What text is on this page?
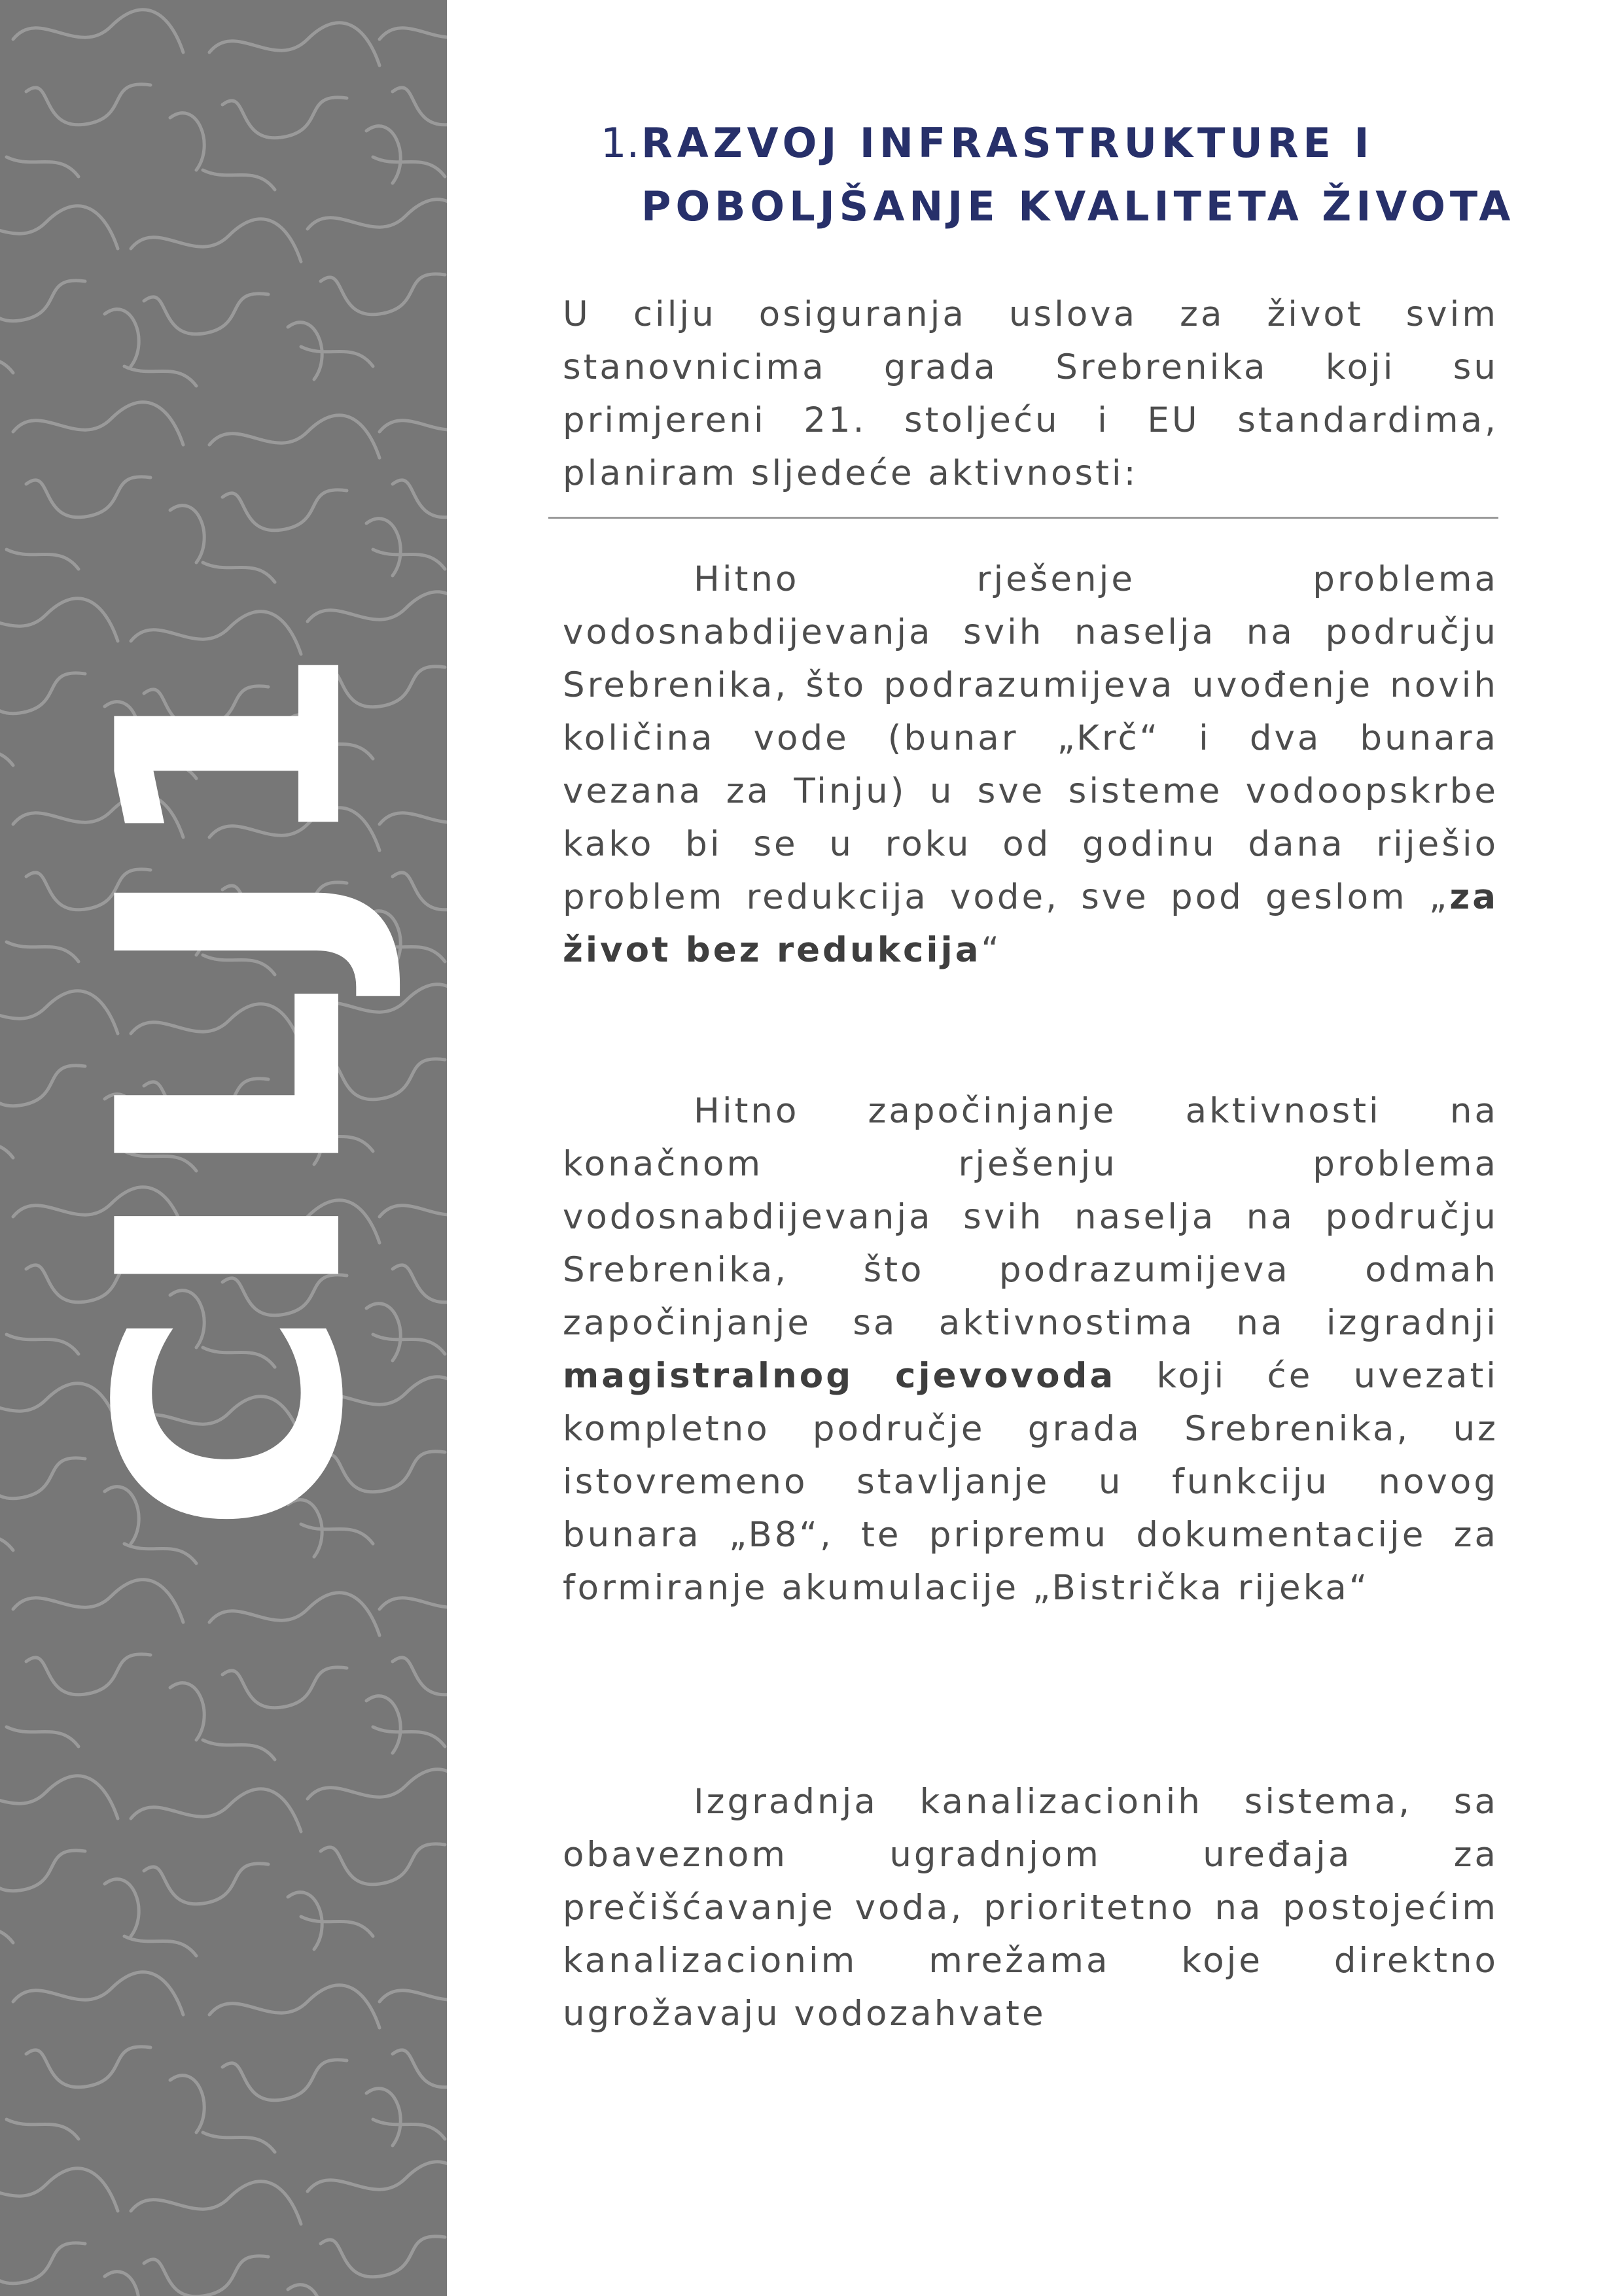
CILJ1
1. RAZVOJ INFRASTRUKTURE I
POBOLJŠANJE KVALITETA ŽIVOTA

U cilju osiguranja uslova za život svim stanovnicima grada Srebrenika koji su primjereni 21. stoljeću i EU standardima, planiram sljedeće aktivnosti:

Hitno rješenje problema vodosnabdijevanja svih naselja na području Srebrenika, što podrazumijeva uvođenje novih količina vode (bunar „Krč“ i dva bunara vezana za Tinju) u sve sisteme vodoopskrbe kako bi se u roku od godinu dana riješio problem redukcija vode, sve pod geslom „za život bez redukcija“

Hitno započinjanje aktivnosti na konačnom rješenju problema vodosnabdijevanja svih naselja na području Srebrenika, što podrazumijeva odmah započinjanje sa aktivnostima na izgradnji magistralnog cjevovoda koji će uvezati kompletno područje grada Srebrenika, uz istovremeno stavljanje u funkciju novog bunara „B8“, te pripremu dokumentacije za formiranje akumulacije „Bistrička rijeka“

Izgradnja kanalizacionih sistema, sa obaveznom ugradnjom uređaja za prečišćavanje voda, prioritetno na postojećim kanalizacionim mrežama koje direktno ugrožavaju vodozahvate
